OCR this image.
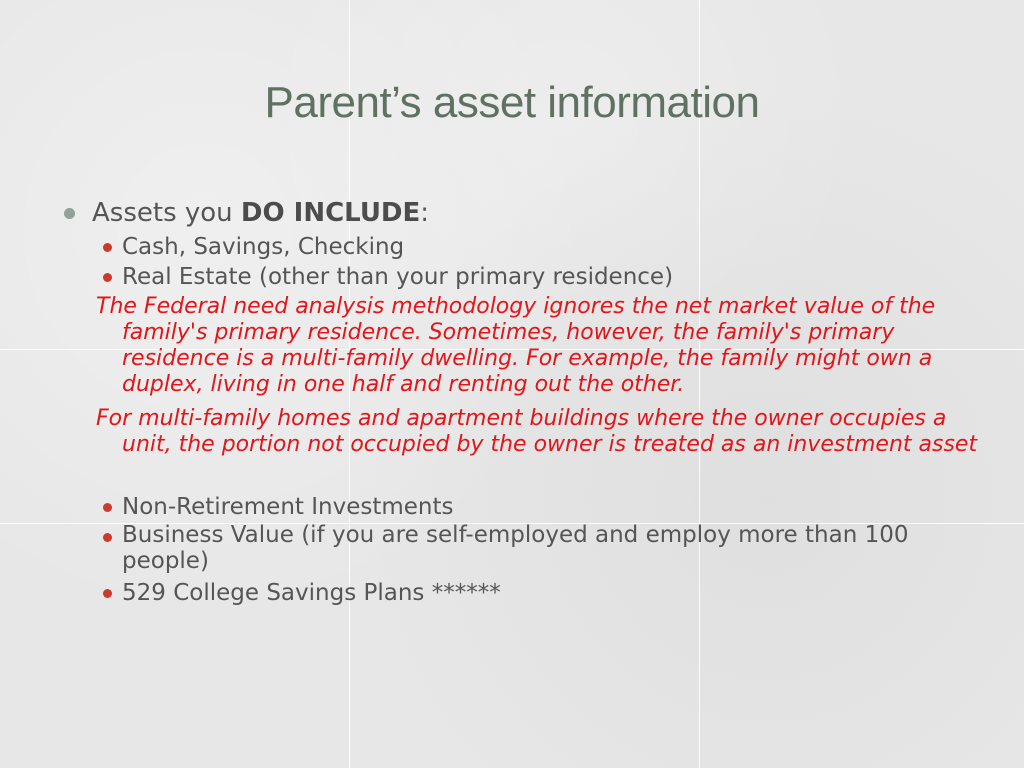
Parent’s asset information
Assets you DO INCLUDE:
Cash, Savings, Checking
Real Estate (other than your primary residence)
The Federal need analysis methodology ignores the net market value of the family's primary residence. Sometimes, however, the family's primary residence is a multi-family dwelling. For example, the family might own a duplex, living in one half and renting out the other.
For multi-family homes and apartment buildings where the owner occupies a unit, the portion not occupied by the owner is treated as an investment asset
Non-Retirement Investments
Business Value (if you are self-employed and employ more than 100 people)
529 College Savings Plans ******
